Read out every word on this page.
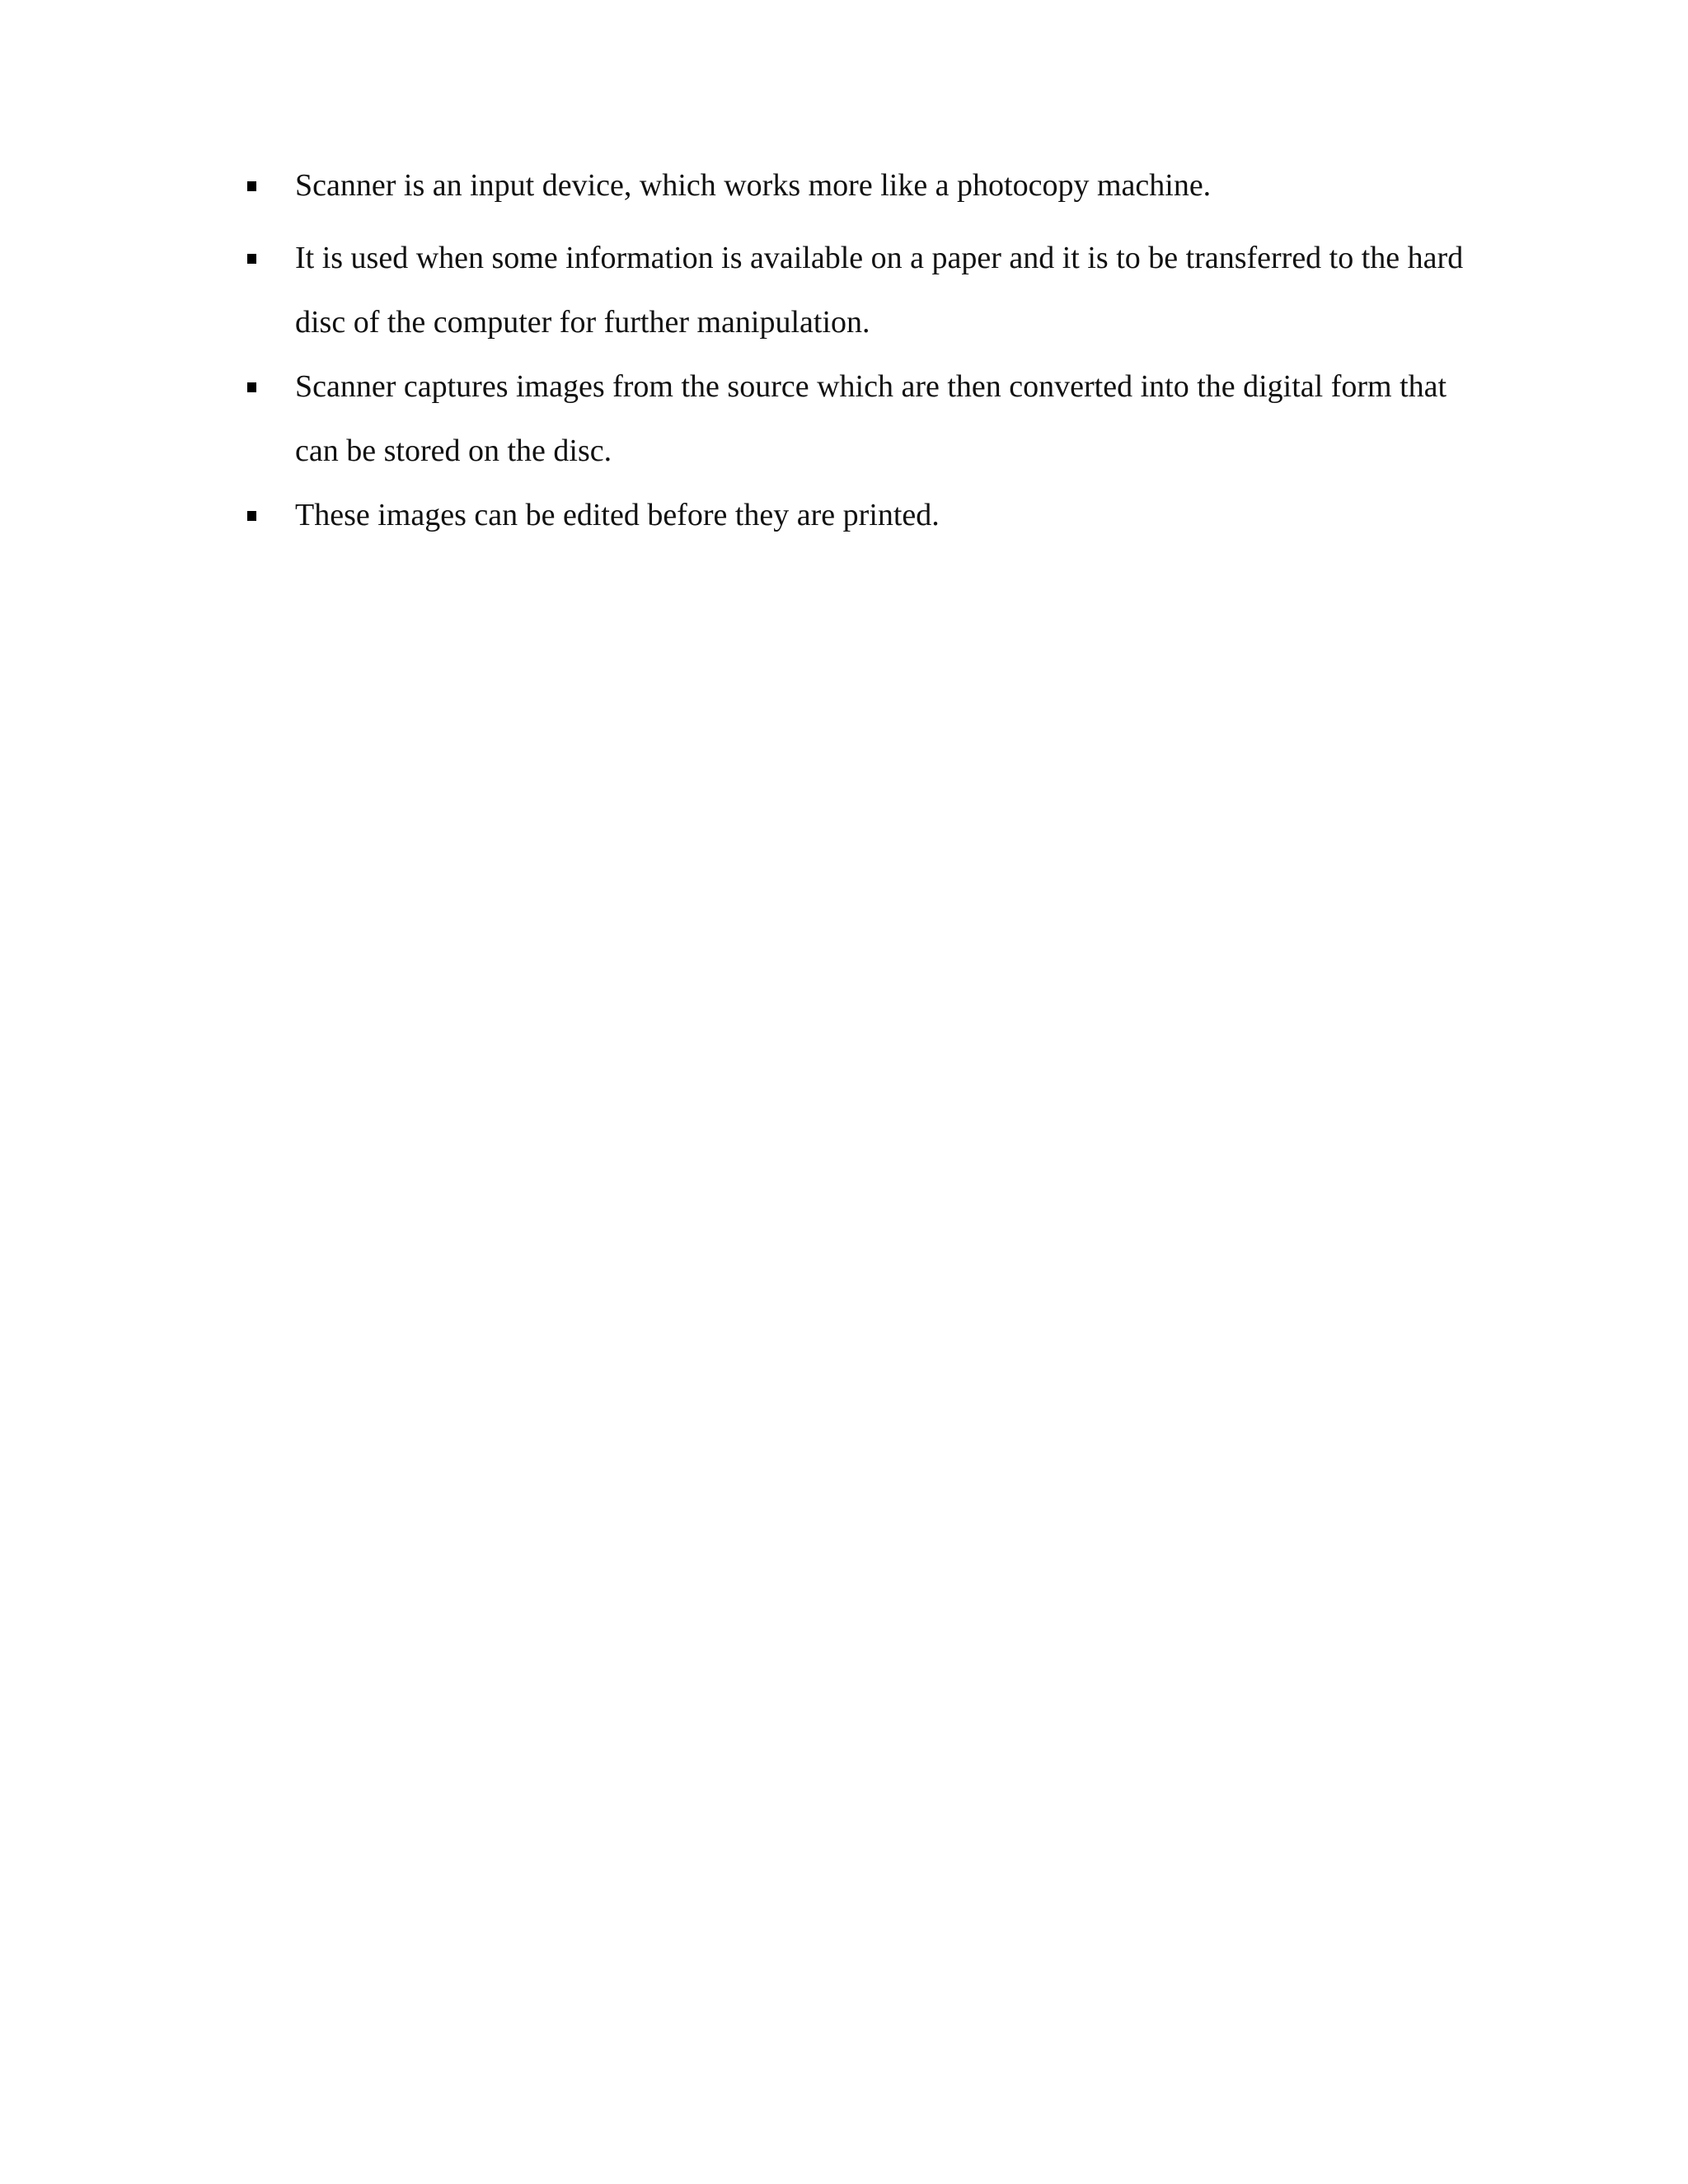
Scanner is an input device, which works more like a photocopy machine.
It is used when some information is available on a paper and it is to be transferred to the hard disc of the computer for further manipulation.
Scanner captures images from the source which are then converted into the digital form that can be stored on the disc.
These images can be edited before they are printed.
